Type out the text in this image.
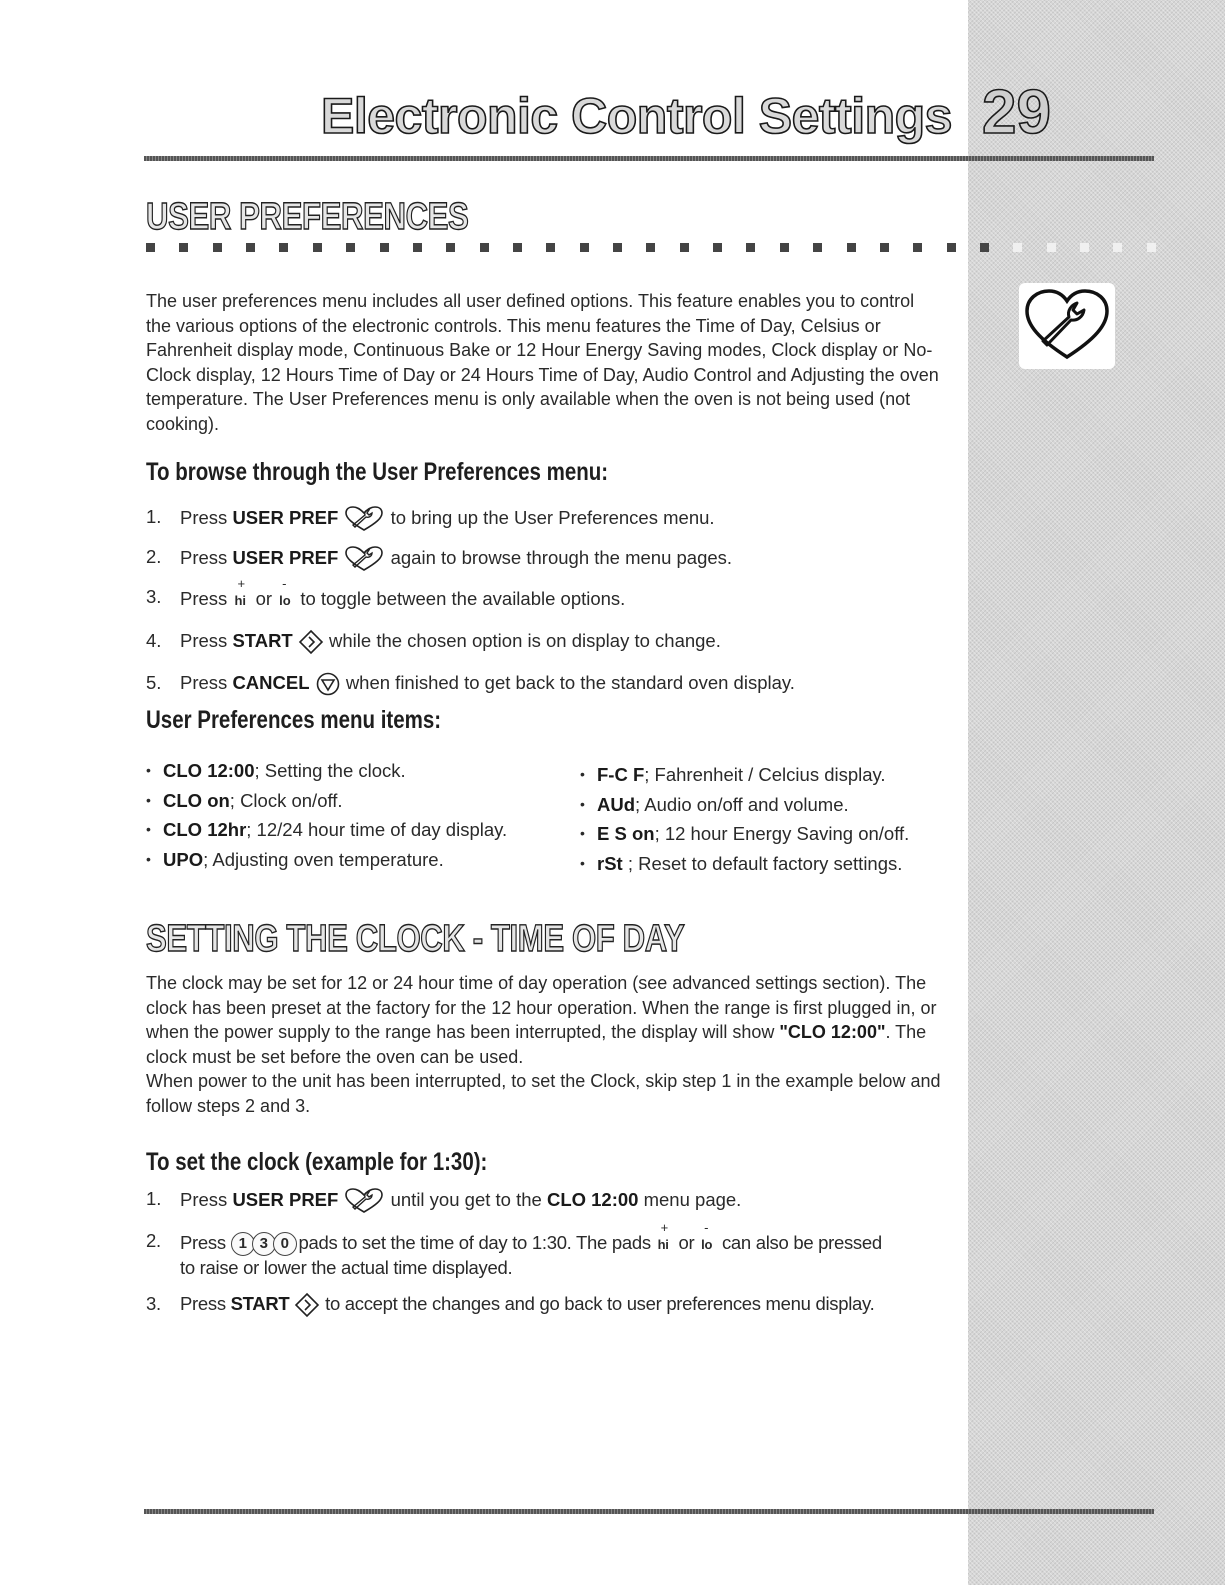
Electronic Control Settings 29
USER PREFERENCES

The user preferences menu includes all user defined options. This feature enables you to control the various options of the electronic controls. This menu features the Time of Day, Celsius or Fahrenheit display mode, Continuous Bake or 12 Hour Energy Saving modes, Clock display or No-Clock display, 12 Hours Time of Day or 24 Hours Time of Day, Audio Control and Adjusting the oven temperature. The User Preferences menu is only available when the oven is not being used (not cooking).

To browse through the User Preferences menu:
1. Press USER PREF	to bring up the User Preferences menu.
2. Press USER PREF	again to browse through the menu pages.
3. Press
+
hi or
-
lo to toggle between the available options.
4. Press START  while the chosen option is on display to change.
5. Press CANCEL  when finished to get back to the standard oven display.
User Preferences menu items:
• CLO 12:00; Setting the clock.
• CLO on; Clock on/off.
• CLO 12hr; 12/24 hour time of day display.
• UPO; Adjusting oven temperature.
• F-C F; Fahrenheit / Celcius display.
• AUd; Audio on/off and volume.
• E S on; 12 hour Energy Saving on/off.
• rSt ; Reset to default factory settings.
SETTING THE CLOCK - TIME OF DAY

The clock may be set for 12 or 24 hour time of day operation (see advanced settings section). The clock has been preset at the factory for the 12 hour operation. When the range is first plugged in, or when the power supply to the range has been interrupted, the display will show "CLO 12:00". The clock must be set before the oven can be used.

When power to the unit has been interrupted, to set the Clock, skip step 1 in the example below and follow steps 2 and 3.

To set the clock (example for 1:30):
1. Press USER PREF	until you get to the CLO 12:00 menu page.
2. Press 1 3 0 pads to set the time of day to 1:30. The pads
+
hi or
-
lo can also be pressed
to raise or lower the actual time displayed.
3. Press START  to accept the changes and go back to user preferences menu display.
